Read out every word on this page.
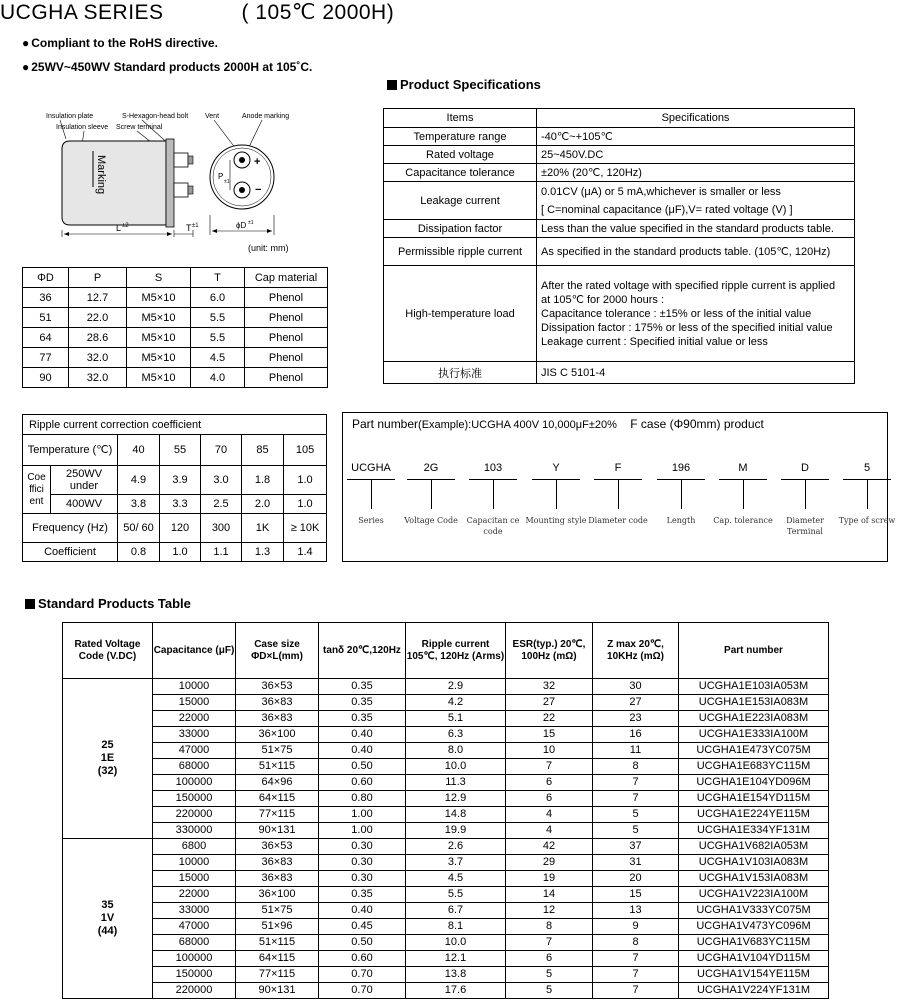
UCGHA SERIES	( 105℃ 2000H)
● Compliant to the RoHS directive.
● 25WV~450WV Standard products 2000H at 105˚C.
Insulation plate
Insulation sleeve
S-Hexagon-head bolt
Screw terminal
Vent	Anode marking
Marking
L ±2	T ±1
+
−
P
±1
ϕD ±1
(unit: mm)
ΦD	P	S	T	Cap material
36	12.7	M5×10	6.0	Phenol
51	22.0	M5×10	5.5	Phenol
64	28.6	M5×10	5.5	Phenol
77	32.0	M5×10	4.5	Phenol
90	32.0	M5×10	4.0	Phenol
Product Specifications
Items	Specifications
Temperature range	-40℃~+105℃

Rated voltage	25~450V.DC

Capacitance tolerance	±20% (20℃, 120Hz)

Leakage current	0.01CV (μA) or 5 mA,whichever is smaller or less
[ C=nominal capacitance (μF),V= rated voltage (V) ]

Dissipation factor	Less than the value specified in the standard products table.

Permissible ripple current	As specified in the standard products table. (105℃, 120Hz)

High-temperature load	After the rated voltage with specified ripple current is applied
at 105℃ for 2000 hours :
Capacitance tolerance : ±15% or less of the initial value
Dissipation factor : 175% or less of the specified initial value
Leakage current : Specified initial value or less

执行标准	JIS C 5101-4
Ripple current correction coefficient						
Temperature (℃)		40	55	70	85	105
Coe ffici ent	250WV under	4.9	3.9	3.0	1.8	1.0
	400WV	3.8	3.3	2.5	2.0	1.0
Frequency (Hz)		50/ 60	120	300	1K	≥ 10K
Coefficient		0.8	1.0	1.1	1.3	1.4
Part number(Example):UCGHA 400V 10,000μF±20% F case (Φ90mm) product
UCGHA
Series
2G
Voltage Code
103
Capacitan ce code
Y
Mounting style
F
Diameter code
196
Length
M
Cap. tolerance
D
Diameter Terminal
5
Type of screw
Standard Products Table
Rated Voltage Code (V.DC)	Capacitance (μF)	Case size ΦD×L(mm)	tanδ 20℃,120Hz	Ripple current 105℃, 120Hz (Arms)	ESR(typ.) 20℃, 100Hz (mΩ)	Z max 20℃, 10KHz (mΩ)	Part number

25
1E
(32)	10000	36×53	0.35	2.9	32	30	UCGHA1E103IA053M
	15000	36×83	0.35	4.2	27	27	UCGHA1E153IA083M
	22000	36×83	0.35	5.1	22	23	UCGHA1E223IA083M
	33000	36×100	0.40	6.3	15	16	UCGHA1E333IA100M
	47000	51×75	0.40	8.0	10	11	UCGHA1E473YC075M
	68000	51×115	0.50	10.0	7	8	UCGHA1E683YC115M
	100000	64×96	0.60	11.3	6	7	UCGHA1E104YD096M
	150000	64×115	0.80	12.9	6	7	UCGHA1E154YD115M
	220000	77×115	1.00	14.8	4	5	UCGHA1E224YE115M
	330000	90×131	1.00	19.9	4	5	UCGHA1E334YF131M

35
1V
(44)	6800	36×53	0.30	2.6	42	37	UCGHA1V682IA053M
	10000	36×83	0.30	3.7	29	31	UCGHA1V103IA083M
	15000	36×83	0.30	4.5	19	20	UCGHA1V153IA083M
	22000	36×100	0.35	5.5	14	15	UCGHA1V223IA100M
	33000	51×75	0.40	6.7	12	13	UCGHA1V333YC075M
	47000	51×96	0.45	8.1	8	9	UCGHA1V473YC096M
	68000	51×115	0.50	10.0	7	8	UCGHA1V683YC115M
	100000	64×115	0.60	12.1	6	7	UCGHA1V104YD115M
	150000	77×115	0.70	13.8	5	7	UCGHA1V154YE115M
	220000	90×131	0.70	17.6	5	7	UCGHA1V224YF131M
